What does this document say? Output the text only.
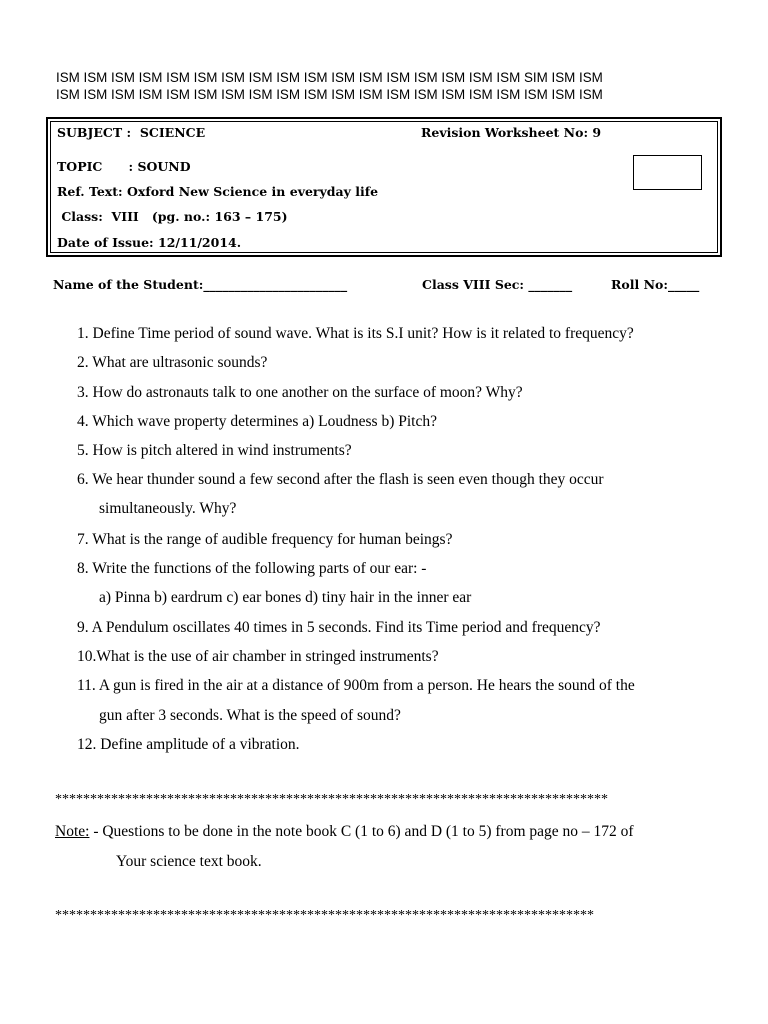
ISM ISM ISM ISM ISM ISM ISM ISM ISM ISM ISM ISM ISM ISM ISM ISM ISM SIM ISM ISM
ISM ISM ISM ISM ISM ISM ISM ISM ISM ISM ISM ISM ISM ISM ISM ISM ISM ISM ISM ISM
SUBJECT :  SCIENCE	Revision Worksheet No: 9
TOPIC      : SOUND
Ref. Text: Oxford New Science in everyday life
Class:  VIII   (pg. no.: 163 – 175)
Date of Issue: 12/11/2014.
Name of the Student:_______________________	Class VIII Sec: _______	Roll No:_____
1. Define Time period of sound wave. What is its S.I unit? How is it related to frequency?
2. What are ultrasonic sounds?
3. How do astronauts talk to one another on the surface of moon? Why?
4. Which wave property determines a) Loudness b) Pitch?
5. How is pitch altered in wind instruments?
6. We hear thunder sound a few second after the flash is seen even though they occur
simultaneously. Why?
7. What is the range of audible frequency for human beings?
8. Write the functions of the following parts of our ear: -
a) Pinna b) eardrum c) ear bones d) tiny hair in the inner ear
9. A Pendulum oscillates 40 times in 5 seconds. Find its Time period and frequency?
10.What is the use of air chamber in stringed instruments?
11. A gun is fired in the air at a distance of 900m from a person. He hears the sound of the
gun after 3 seconds. What is the speed of sound?
12. Define amplitude of a vibration.
*******************************************************************************
Note: - Questions to be done in the note book C (1 to 6) and D (1 to 5) from page no – 172 of
Your science text book.
*****************************************************************************
